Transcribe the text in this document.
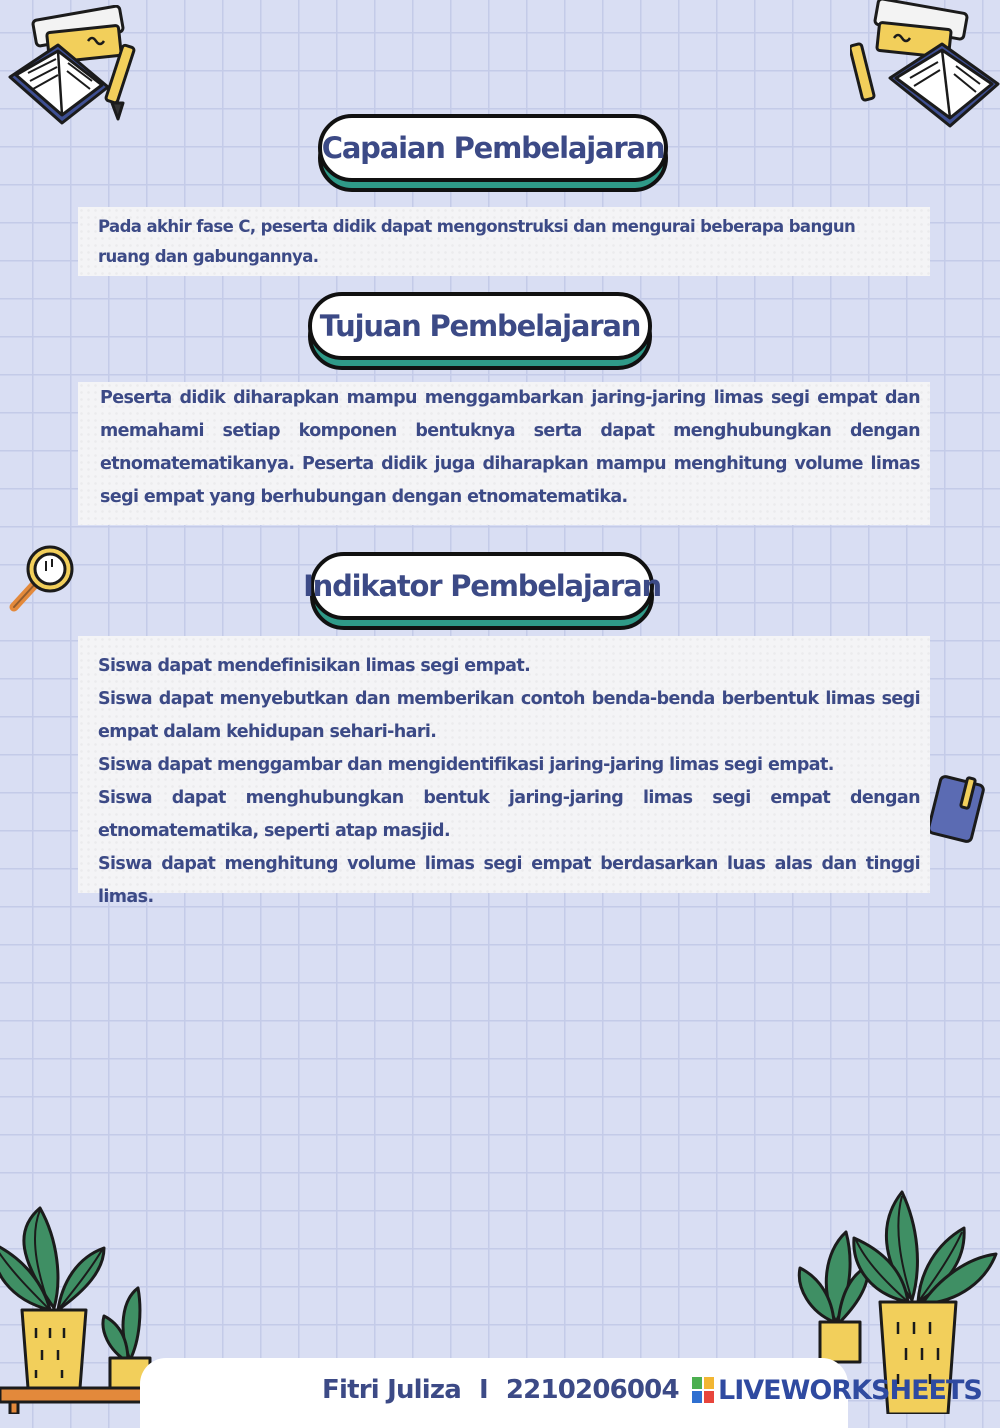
Capaian Pembelajaran

Pada akhir fase C, peserta didik dapat mengonstruksi dan mengurai beberapa bangun ruang dan gabungannya.

Tujuan Pembelajaran

Peserta didik diharapkan mampu menggambarkan jaring-jaring limas segi empat dan memahami setiap komponen bentuknya serta dapat menghubungkan dengan etnomatematikanya. Peserta didik juga diharapkan mampu menghitung volume limas segi empat yang berhubungan dengan etnomatematika.

Indikator Pembelajaran

Siswa dapat mendefinisikan limas segi empat.

Siswa dapat menyebutkan dan memberikan contoh benda-benda berbentuk limas segi empat dalam kehidupan sehari-hari.

Siswa dapat menggambar dan mengidentifikasi jaring-jaring limas segi empat.

Siswa dapat menghubungkan bentuk jaring-jaring limas segi empat dengan etnomatematika, seperti atap masjid.

Siswa dapat menghitung volume limas segi empat berdasarkan luas alas dan tinggi limas.

Fitri Juliza I 2210206004 LIVEWORKSHEETS
